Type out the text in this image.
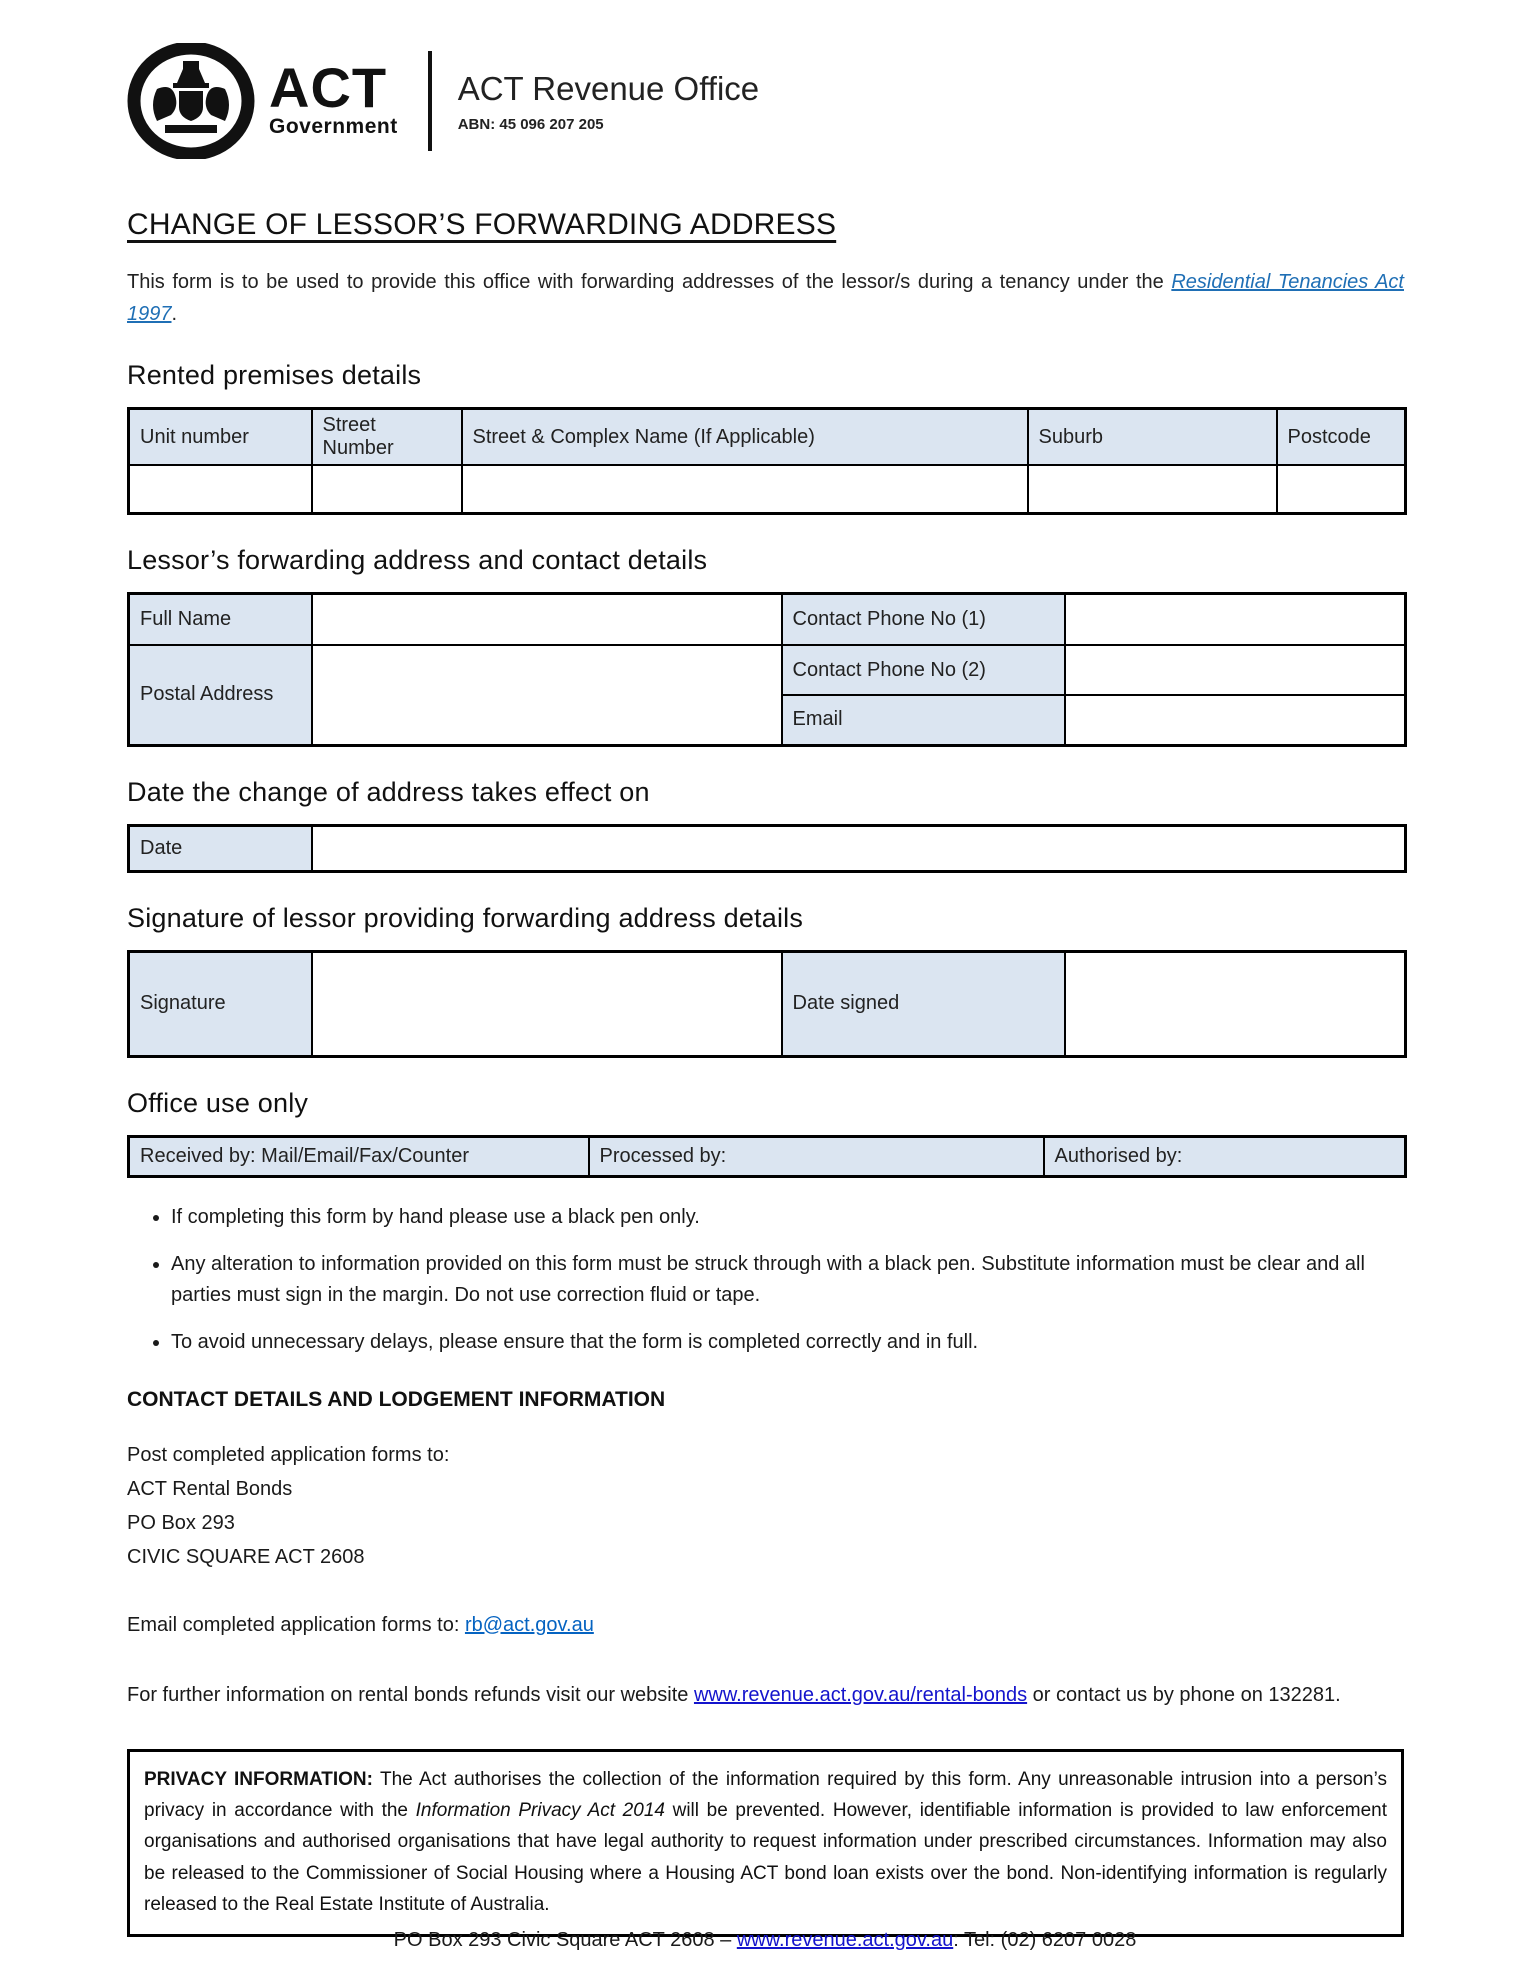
ACT
Government
ACT Revenue Office
ABN: 45 096 207 205
CHANGE OF LESSOR’S FORWARDING ADDRESS

This form is to be used to provide this office with forwarding addresses of the lessor/s during a tenancy under the Residential Tenancies Act 1997.

Rented premises details
Unit number	Street Number	Street & Complex Name (If Applicable)	Suburb	Postcode

Lessor’s forwarding address and contact details
Full Name		Contact Phone No (1)	
Postal Address		Contact Phone No (2)	
		Email	
Date the change of address takes effect on
Date	
Signature of lessor providing forwarding address details
Signature		Date signed	
Office use only
Received by: Mail/Email/Fax/Counter	Processed by:	Authorised by:
• If completing this form by hand please use a black pen only.
• Any alteration to information provided on this form must be struck through with a black pen. Substitute information must be clear and all parties must sign in the margin. Do not use correction fluid or tape.
• To avoid unnecessary delays, please ensure that the form is completed correctly and in full.
CONTACT DETAILS AND LODGEMENT INFORMATION
Post completed application forms to:
ACT Rental Bonds
PO Box 293
CIVIC SQUARE ACT 2608
Email completed application forms to: rb@act.gov.au
For further information on rental bonds refunds visit our website www.revenue.act.gov.au/rental-bonds or contact us by phone on 132281.
PRIVACY INFORMATION: The Act authorises the collection of the information required by this form. Any unreasonable intrusion into a person’s privacy in accordance with the Information Privacy Act 2014 will be prevented. However, identifiable information is provided to law enforcement organisations and authorised organisations that have legal authority to request information under prescribed circumstances. Information may also be released to the Commissioner of Social Housing where a Housing ACT bond loan exists over the bond. Non-identifying information is regularly released to the Real Estate Institute of Australia.
PO Box 293 Civic Square ACT 2608 – www.revenue.act.gov.au: Tel: (02) 6207 0028
